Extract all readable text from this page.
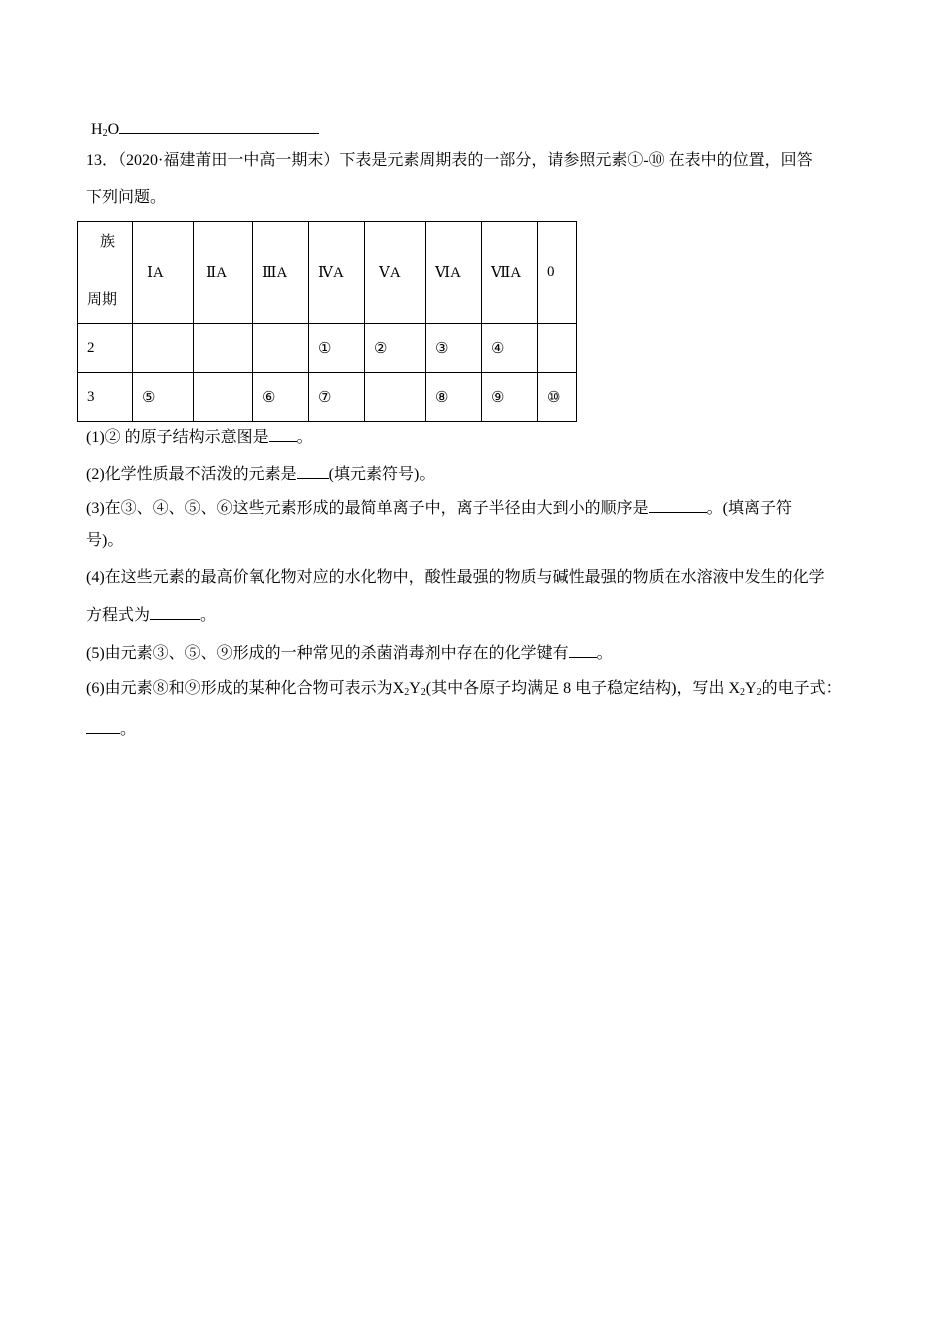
$H_2O$
13．（2020·福建莆田一中高一期末）下表是元素周期表的一部分，请参照元素①-⑩ 在表中的位置，回答
下列问题。
族
周期	ⅠA	ⅡA	ⅢA	ⅣA	ⅤA	ⅥA	ⅦA	0
2				①	②	③	④	
3	⑤		⑥	⑦		⑧	⑨	⑩
(1)② 的原子结构示意图是 。
(2)化学性质最不活泼的元素是 (填元素符号)。
(3)在③、④、⑤、⑥这些元素形成的最简单离子中，离子半径由大到小的顺序是	。(填离子符
号)。
(4)在这些元素的最高价氧化物对应的水化物中，酸性最强的物质与碱性最强的物质在水溶液中发生的化学
方程式为	。
(5)由元素③、⑤、⑨形成的一种常见的杀菌消毒剂中存在的化学键有 。
(6)由元素⑧和⑨形成的某种化合物可表示为$X_2Y_2$(其中各原子均满足 8 电子稳定结构)，写出 $X_2Y_2$的电子式：
。
